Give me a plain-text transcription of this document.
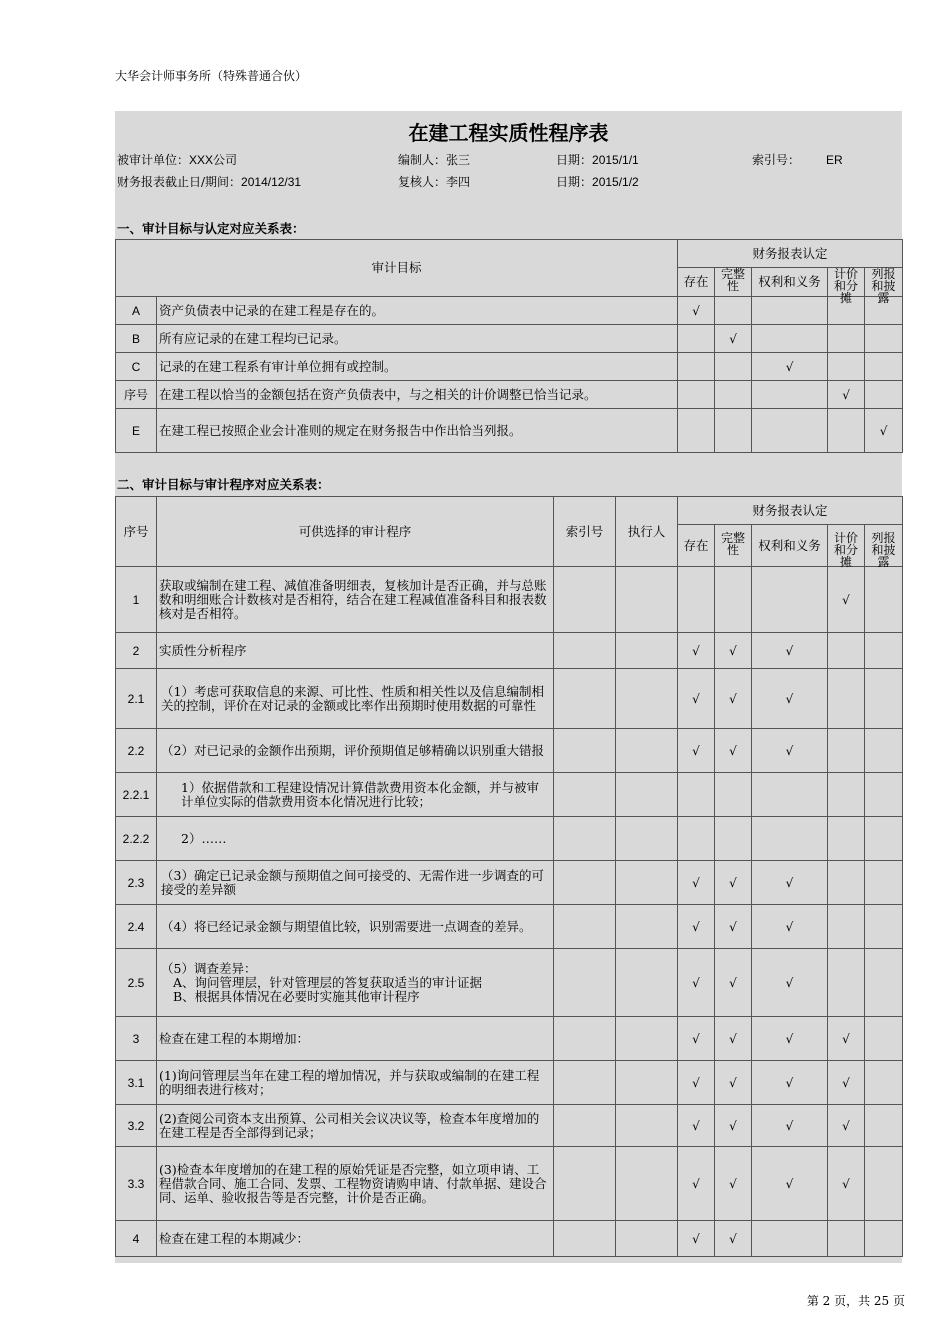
大华会计师事务所（特殊普通合伙）
在建工程实质性程序表
被审计单位：XXX公司	编制人：张三	日期：2015/1/1	索引号： ER
财务报表截止日/期间：2014/12/31	复核人：李四	日期：2015/1/2
一、审计目标与认定对应关系表：
审计目标		财务报表认定				
		存在	完整性	权利和义务	计价和分摊	列报和披露

A	资产负债表中记录的在建工程是存在的。	√				
B	所有应记录的在建工程均已记录。		√			
C	记录的在建工程系有审计单位拥有或控制。			√		
序号	在建工程以恰当的金额包括在资产负债表中，与之相关的计价调整已恰当记录。				√	
E	在建工程已按照企业会计准则的规定在财务报告中作出恰当列报。					√
二、审计目标与审计程序对应关系表：
序号	可供选择的审计程序	索引号	执行人	财务报表认定				
				存在	完整性	权利和义务	计价和分摊	列报和披露

1	获取或编制在建工程、减值准备明细表，复核加计是否正确，并与总账数和明细账合计数核对是否相符，结合在建工程减值准备科目和报表数核对是否相符。						√	
2	实质性分析程序			√	√	√		
2.1	（1）考虑可获取信息的来源、可比性、性质和相关性以及信息编制相关的控制，评价在对记录的金额或比率作出预期时使用数据的可靠性			√	√	√		
2.2	（2）对已记录的金额作出预期，评价预期值足够精确以识别重大错报			√	√	√		
2.2.1	1）依据借款和工程建设情况计算借款费用资本化金额，并与被审计单位实际的借款费用资本化情况进行比较；							

2.2.2	2）……							

2.3	（3）确定已记录金额与预期值之间可接受的、无需作进一步调查的可接受的差异额			√	√	√		
2.4	（4）将已经记录金额与期望值比较，识别需要进一点调查的差异。			√	√	√		
2.5	（5）调查差异：
A、询问管理层，针对管理层的答复获取适当的审计证据
B、根据具体情况在必要时实施其他审计程序			√	√	√		
3	检查在建工程的本期增加：			√	√	√	√	
3.1	(1)询问管理层当年在建工程的增加情况，并与获取或编制的在建工程的明细表进行核对；			√	√	√	√	
3.2	(2)查阅公司资本支出预算、公司相关会议决议等，检查本年度增加的在建工程是否全部得到记录；			√	√	√	√	
3.3	(3)检查本年度增加的在建工程的原始凭证是否完整，如立项申请、工程借款合同、施工合同、发票、工程物资请购申请、付款单据、建设合同、运单、验收报告等是否完整，计价是否正确。			√	√	√	√	
4	检查在建工程的本期减少：			√	√			
第 2 页，共 25 页
